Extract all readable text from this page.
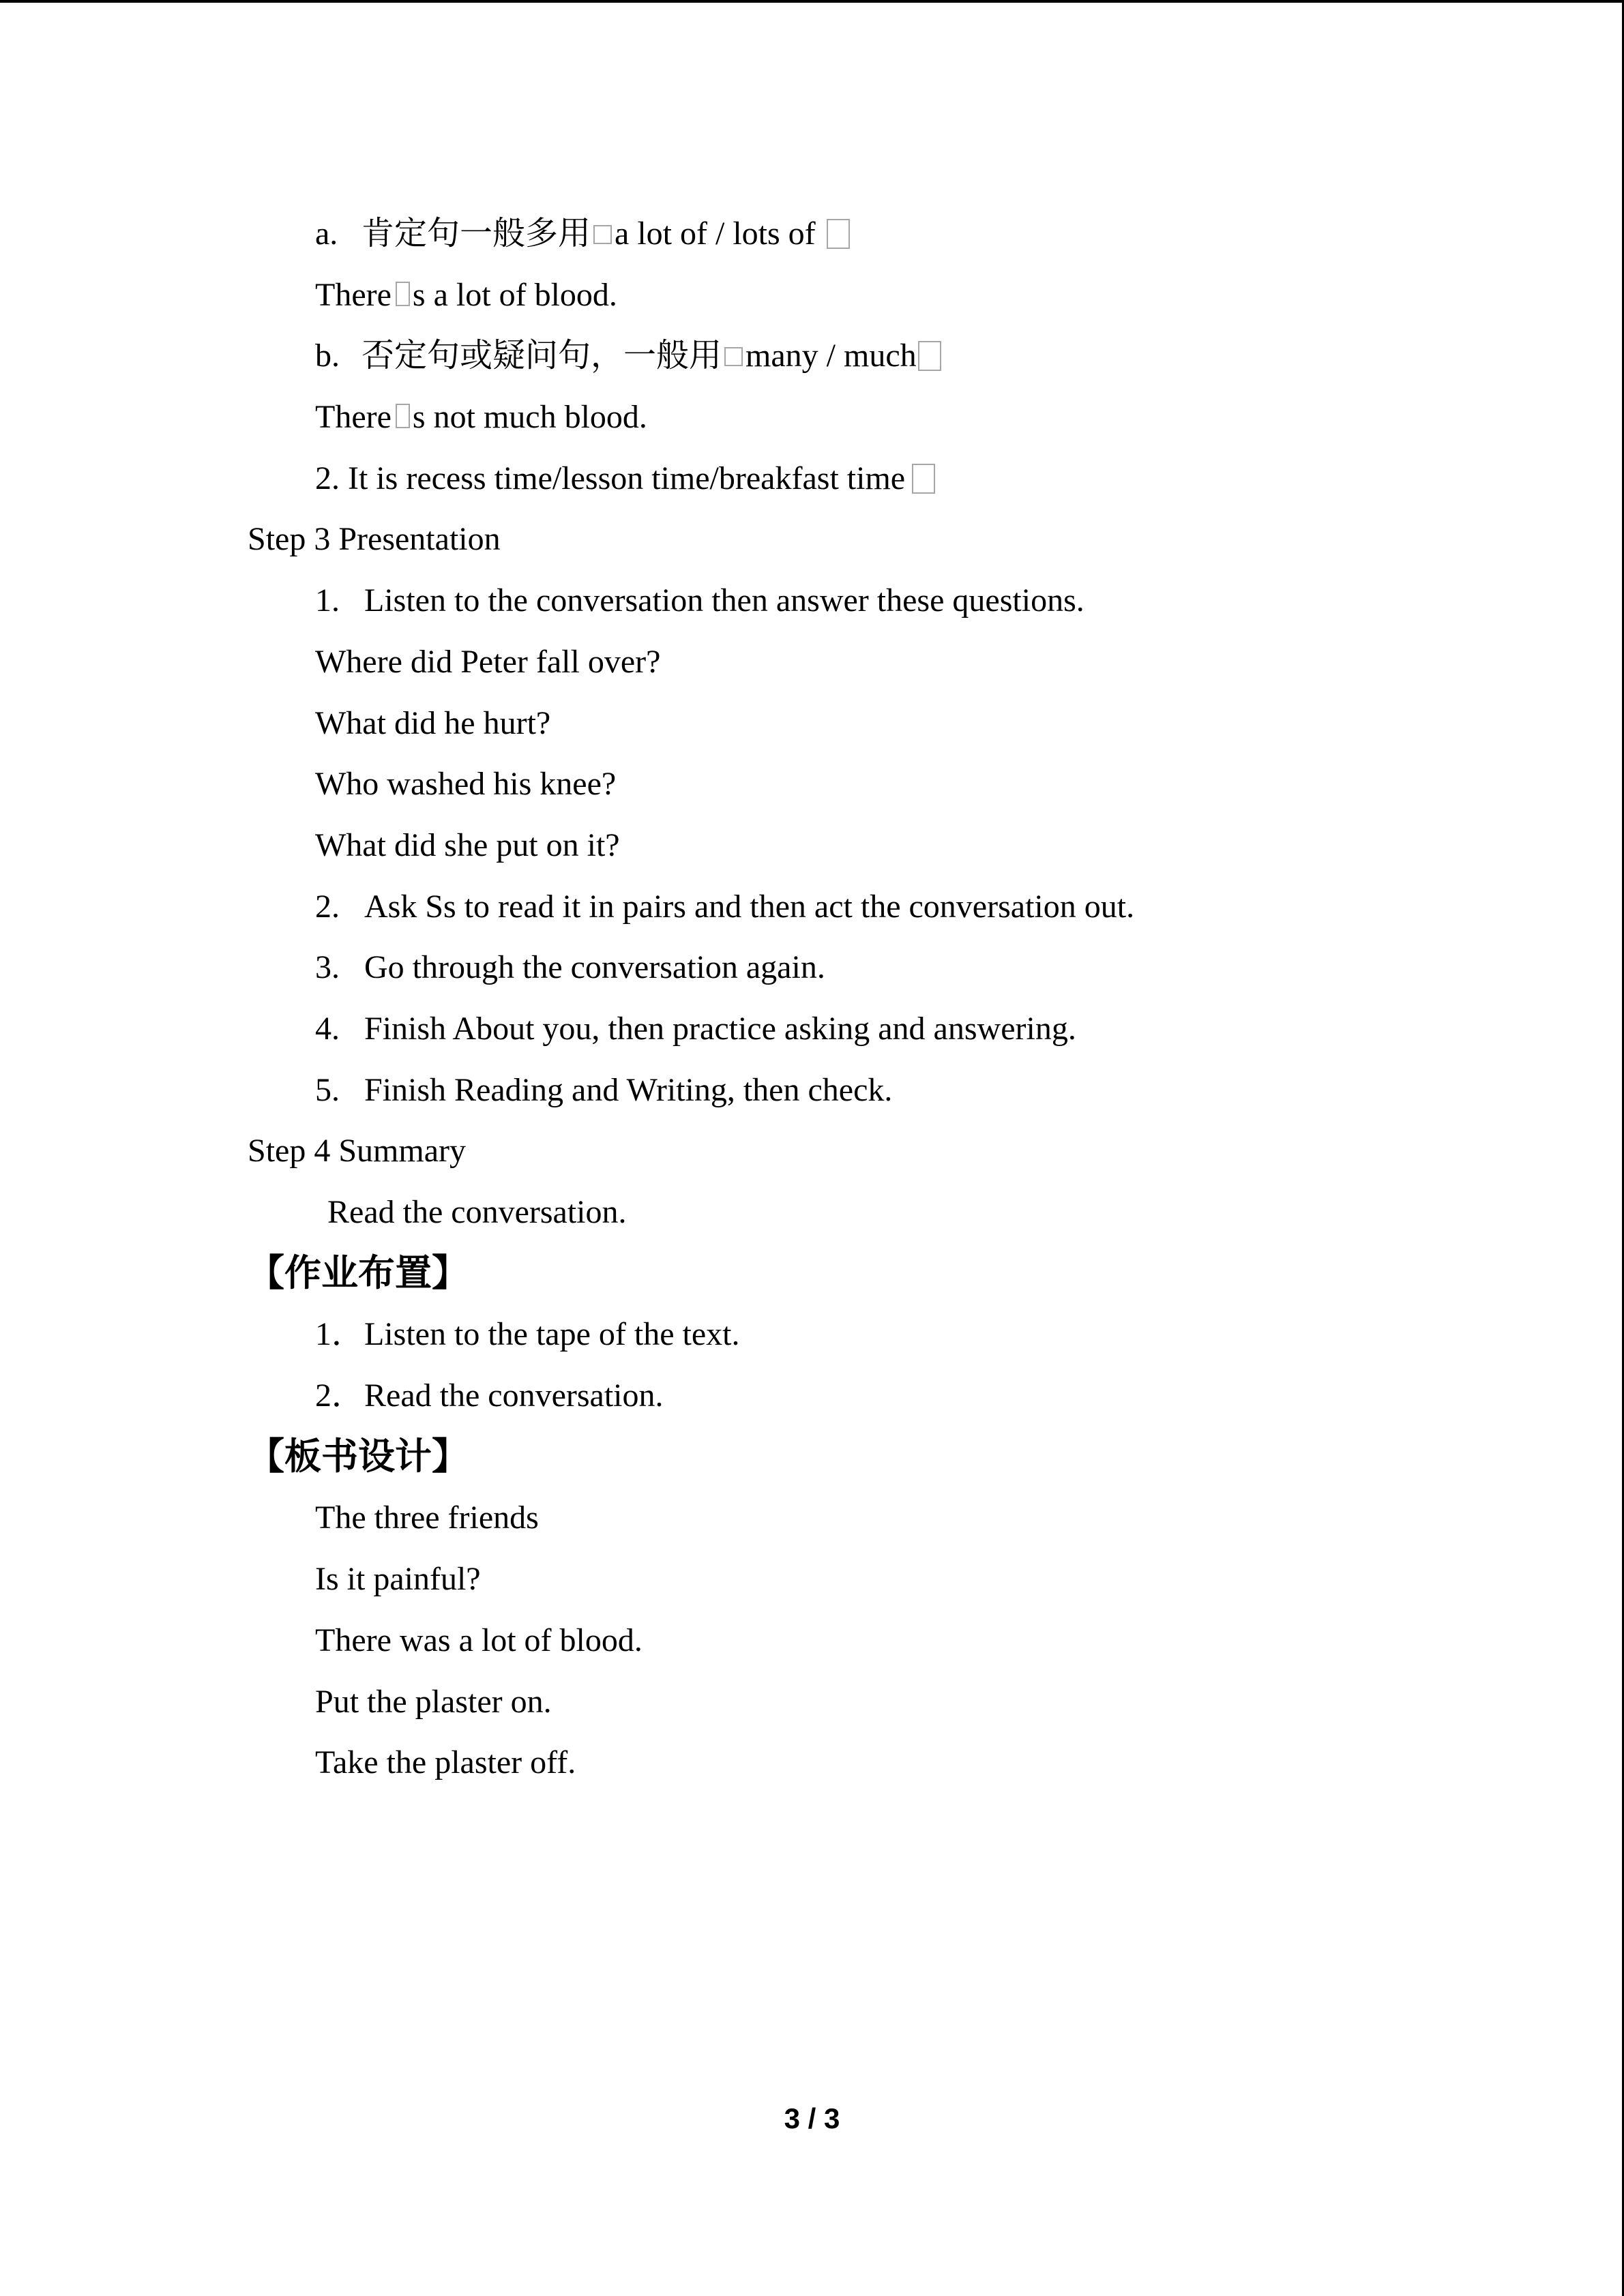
a. 肯定句一般多用 a lot of / lots of
There s a lot of blood.
b. 否定句或疑问句，一般用 many / much
There s not much blood.
2. It is recess time/lesson time/breakfast time
Step 3 Presentation
1. Listen to the conversation then answer these questions.
Where did Peter fall over?
What did he hurt?
Who washed his knee?
What did she put on it?
2. Ask Ss to read it in pairs and then act the conversation out.
3. Go through the conversation again.
4. Finish About you, then practice asking and answering.
5. Finish Reading and Writing, then check.
Step 4 Summary
Read the conversation.
【作业布置】
1．Listen to the tape of the text.
2．Read the conversation.
【板书设计】
The three friends
Is it painful?
There was a lot of blood.
Put the plaster on.
Take the plaster off.
3 / 3
